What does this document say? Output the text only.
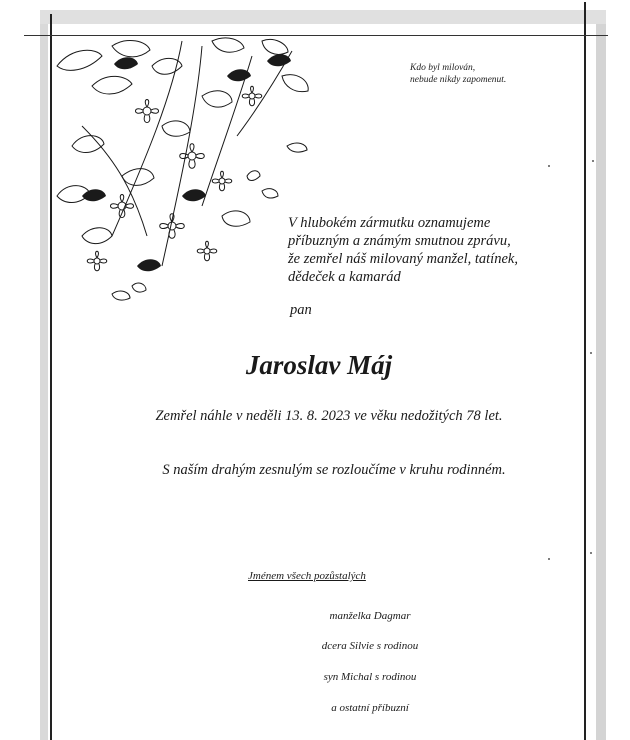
Kdo byl milován,
nebude nikdy zapomenut.
V hlubokém zármutku oznamujeme
příbuzným a známým smutnou zprávu,
že zemřel náš milovaný manžel, tatínek,
dědeček a kamarád
pan
Jaroslav Máj
Zemřel náhle v neděli 13. 8. 2023 ve věku nedožitých 78 let.
S naším drahým zesnulým se rozloučíme v kruhu rodinném.
Jménem všech pozůstalých
manželka Dagmar
dcera Silvie s rodinou
syn Michal s rodinou
a ostatní příbuzní
